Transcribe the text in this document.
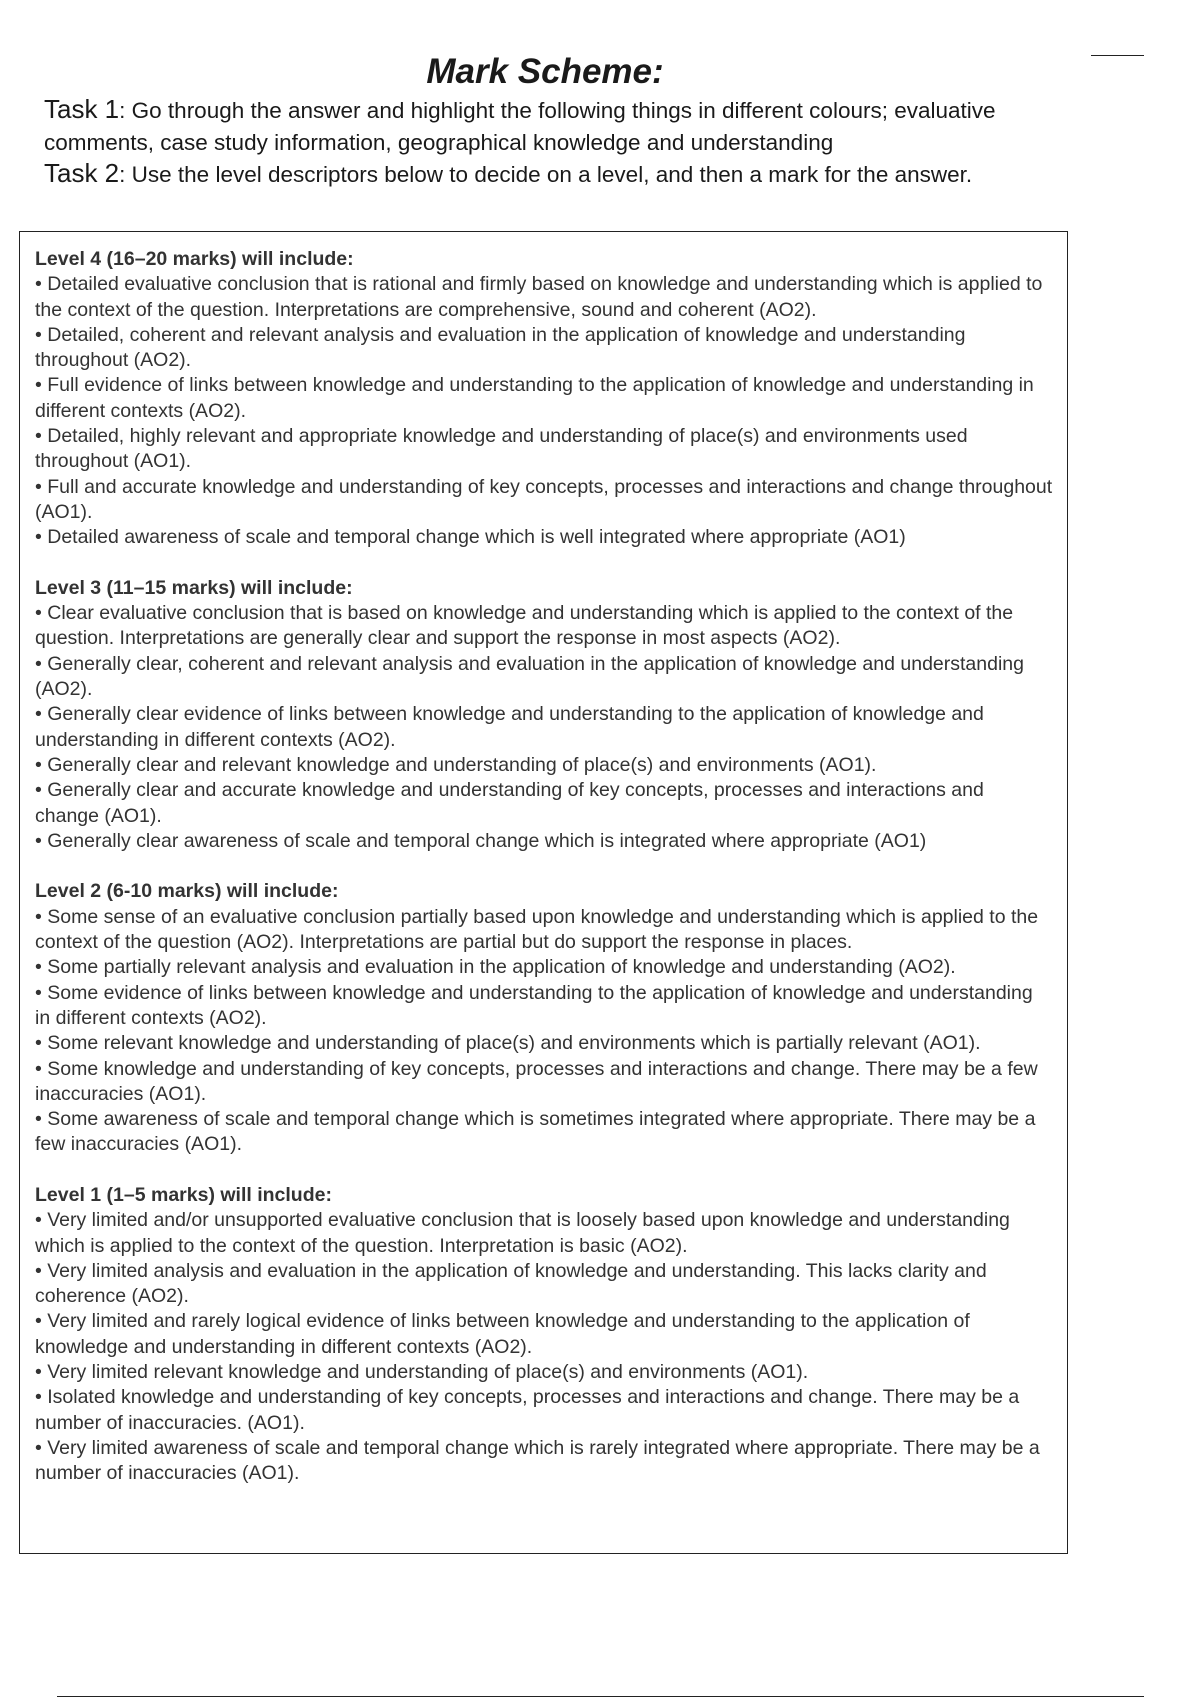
Mark Scheme:

Task 1: Go through the answer and highlight the following things in different colours; evaluative comments, case study information, geographical knowledge and understanding

Task 2: Use the level descriptors below to decide on a level, and then a mark for the answer.

Level 4 (16–20 marks) will include:

• Detailed evaluative conclusion that is rational and firmly based on knowledge and understanding which is applied to the context of the question. Interpretations are comprehensive, sound and coherent (AO2).

• Detailed, coherent and relevant analysis and evaluation in the application of knowledge and understanding throughout (AO2).

• Full evidence of links between knowledge and understanding to the application of knowledge and understanding in different contexts (AO2).

• Detailed, highly relevant and appropriate knowledge and understanding of place(s) and environments used throughout (AO1).

• Full and accurate knowledge and understanding of key concepts, processes and interactions and change throughout (AO1).

• Detailed awareness of scale and temporal change which is well integrated where appropriate (AO1)

Level 3 (11–15 marks) will include:

• Clear evaluative conclusion that is based on knowledge and understanding which is applied to the context of the question. Interpretations are generally clear and support the response in most aspects (AO2).

• Generally clear, coherent and relevant analysis and evaluation in the application of knowledge and understanding (AO2).

• Generally clear evidence of links between knowledge and understanding to the application of knowledge and understanding in different contexts (AO2).

• Generally clear and relevant knowledge and understanding of place(s) and environments (AO1).

• Generally clear and accurate knowledge and understanding of key concepts, processes and interactions and change (AO1).

• Generally clear awareness of scale and temporal change which is integrated where appropriate (AO1)

Level 2 (6-10 marks) will include:

• Some sense of an evaluative conclusion partially based upon knowledge and understanding which is applied to the context of the question (AO2). Interpretations are partial but do support the response in places.

• Some partially relevant analysis and evaluation in the application of knowledge and understanding (AO2).

• Some evidence of links between knowledge and understanding to the application of knowledge and understanding in different contexts (AO2).

• Some relevant knowledge and understanding of place(s) and environments which is partially relevant (AO1).

• Some knowledge and understanding of key concepts, processes and interactions and change. There may be a few inaccuracies (AO1).

• Some awareness of scale and temporal change which is sometimes integrated where appropriate. There may be a few inaccuracies (AO1).

Level 1 (1–5 marks) will include:

• Very limited and/or unsupported evaluative conclusion that is loosely based upon knowledge and understanding which is applied to the context of the question. Interpretation is basic (AO2).

• Very limited analysis and evaluation in the application of knowledge and understanding. This lacks clarity and coherence (AO2).

• Very limited and rarely logical evidence of links between knowledge and understanding to the application of knowledge and understanding in different contexts (AO2).

• Very limited relevant knowledge and understanding of place(s) and environments (AO1).

• Isolated knowledge and understanding of key concepts, processes and interactions and change. There may be a number of inaccuracies. (AO1).

• Very limited awareness of scale and temporal change which is rarely integrated where appropriate. There may be a number of inaccuracies (AO1).
